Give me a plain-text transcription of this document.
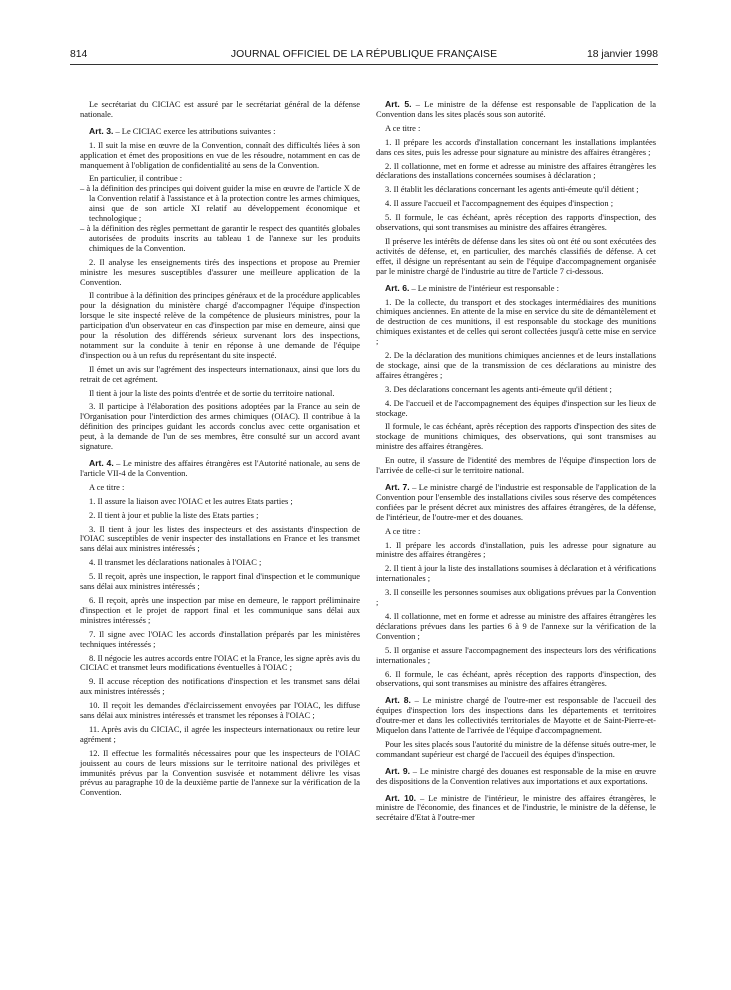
814	JOURNAL OFFICIEL DE LA RÉPUBLIQUE FRANÇAISE	18 janvier 1998

Le secrétariat du CICIAC est assuré par le secrétariat général de la défense nationale.

Art. 3. – Le CICIAC exerce les attributions suivantes :

1. Il suit la mise en œuvre de la Convention, connaît des difficultés liées à son application et émet des propositions en vue de les résoudre, notamment en cas de manquement à l'obligation de confidentialité au sens de la Convention.

En particulier, il contribue :

– à la définition des principes qui doivent guider la mise en œuvre de l'article X de la Convention relatif à l'assistance et à la protection contre les armes chimiques, ainsi que de son article XI relatif au développement économique et technologique ;

– à la définition des règles permettant de garantir le respect des quantités globales autorisées de produits inscrits au tableau 1 de l'annexe sur les produits chimiques de la Convention.

2. Il analyse les enseignements tirés des inspections et propose au Premier ministre les mesures susceptibles d'assurer une meilleure application de la Convention.

Il contribue à la définition des principes généraux et de la procédure applicables pour la désignation du ministère chargé d'accompagner l'équipe d'inspection lorsque le site inspecté relève de la compétence de plusieurs ministres, pour la participation d'un observateur en cas d'inspection par mise en demeure, ainsi que pour la résolution des différends sérieux survenant lors des inspections, notamment sur la conduite à tenir en réponse à une demande de l'équipe d'inspection ou à un refus du représentant du site inspecté.

Il émet un avis sur l'agrément des inspecteurs internationaux, ainsi que lors du retrait de cet agrément.

Il tient à jour la liste des points d'entrée et de sortie du territoire national.

3. Il participe à l'élaboration des positions adoptées par la France au sein de l'Organisation pour l'interdiction des armes chimiques (OIAC). Il contribue à la définition des principes guidant les accords conclus avec cette organisation et peut, à la demande de l'un de ses membres, être consulté sur un accord avant signature.

Art. 4. – Le ministre des affaires étrangères est l'Autorité nationale, au sens de l'article VII-4 de la Convention.

A ce titre :

1. Il assure la liaison avec l'OIAC et les autres Etats parties ;

2. Il tient à jour et publie la liste des Etats parties ;

3. Il tient à jour les listes des inspecteurs et des assistants d'inspection de l'OIAC susceptibles de venir inspecter des installations en France et les transmet sans délai aux ministres intéressés ;

4. Il transmet les déclarations nationales à l'OIAC ;

5. Il reçoit, après une inspection, le rapport final d'inspection et le communique sans délai aux ministres intéressés ;

6. Il reçoit, après une inspection par mise en demeure, le rapport préliminaire d'inspection et le projet de rapport final et les communique sans délai aux ministres intéressés ;

7. Il signe avec l'OIAC les accords d'installation préparés par les ministères techniques intéressés ;

8. Il négocie les autres accords entre l'OIAC et la France, les signe après avis du CICIAC et transmet leurs modifications éventuelles à l'OIAC ;

9. Il accuse réception des notifications d'inspection et les transmet sans délai aux ministres intéressés ;

10. Il reçoit les demandes d'éclaircissement envoyées par l'OIAC, les diffuse sans délai aux ministres intéressés et transmet les réponses à l'OIAC ;

11. Après avis du CICIAC, il agrée les inspecteurs internationaux ou retire leur agrément ;

12. Il effectue les formalités nécessaires pour que les inspecteurs de l'OIAC jouissent au cours de leurs missions sur le territoire national des privilèges et immunités prévus par la Convention susvisée et notamment délivre les visas prévus au paragraphe 10 de la deuxième partie de l'annexe sur la vérification de la Convention.

Art. 5. – Le ministre de la défense est responsable de l'application de la Convention dans les sites placés sous son autorité.

A ce titre :

1. Il prépare les accords d'installation concernant les installations implantées dans ces sites, puis les adresse pour signature au ministre des affaires étrangères ;

2. Il collationne, met en forme et adresse au ministre des affaires étrangères les déclarations des installations concernées soumises à déclaration ;

3. Il établit les déclarations concernant les agents anti-émeute qu'il détient ;

4. Il assure l'accueil et l'accompagnement des équipes d'inspection ;

5. Il formule, le cas échéant, après réception des rapports d'inspection, des observations, qui sont transmises au ministre des affaires étrangères.

Il préserve les intérêts de défense dans les sites où ont été ou sont exécutées des activités de défense, et, en particulier, des marchés classifiés de défense. A cet effet, il désigne un représentant au sein de l'équipe d'accompagnement organisée par le ministre chargé de l'industrie au titre de l'article 7 ci-dessous.

Art. 6. – Le ministre de l'intérieur est responsable :

1. De la collecte, du transport et des stockages intermédiaires des munitions chimiques anciennes. En attente de la mise en service du site de démantèlement et de destruction de ces munitions, il est responsable du stockage des munitions chimiques existantes et de celles qui seront collectées jusqu'à cette mise en service ;

2. De la déclaration des munitions chimiques anciennes et de leurs installations de stockage, ainsi que de la transmission de ces déclarations au ministre des affaires étrangères ;

3. Des déclarations concernant les agents anti-émeute qu'il détient ;

4. De l'accueil et de l'accompagnement des équipes d'inspection sur les lieux de stockage.

Il formule, le cas échéant, après réception des rapports d'inspection des sites de stockage de munitions chimiques, des observations, qui sont transmises au ministre des affaires étrangères.

En outre, il s'assure de l'identité des membres de l'équipe d'inspection lors de l'arrivée de celle-ci sur le territoire national.

Art. 7. – Le ministre chargé de l'industrie est responsable de l'application de la Convention pour l'ensemble des installations civiles sous réserve des compétences confiées par le présent décret aux ministres des affaires étrangères, de la défense, de l'intérieur, de l'outre-mer et des douanes.

A ce titre :

1. Il prépare les accords d'installation, puis les adresse pour signature au ministre des affaires étrangères ;

2. Il tient à jour la liste des installations soumises à déclaration et à vérifications internationales ;

3. Il conseille les personnes soumises aux obligations prévues par la Convention ;

4. Il collationne, met en forme et adresse au ministre des affaires étrangères les déclarations prévues dans les parties 6 à 9 de l'annexe sur la vérification de la Convention ;

5. Il organise et assure l'accompagnement des inspecteurs lors des vérifications internationales ;

6. Il formule, le cas échéant, après réception des rapports d'inspection, des observations, qui sont transmises au ministre des affaires étrangères.

Art. 8. – Le ministre chargé de l'outre-mer est responsable de l'accueil des équipes d'inspection lors des inspections dans les départements et territoires d'outre-mer et dans les collectivités territoriales de Mayotte et de Saint-Pierre-et-Miquelon dans l'attente de l'arrivée de l'équipe d'accompagnement.

Pour les sites placés sous l'autorité du ministre de la défense situés outre-mer, le commandant supérieur est chargé de l'accueil des équipes d'inspection.

Art. 9. – Le ministre chargé des douanes est responsable de la mise en œuvre des dispositions de la Convention relatives aux importations et aux exportations.

Art. 10. – Le ministre de l'intérieur, le ministre des affaires étrangères, le ministre de l'économie, des finances et de l'industrie, le ministre de la défense, le secrétaire d'Etat à l'outre-mer
